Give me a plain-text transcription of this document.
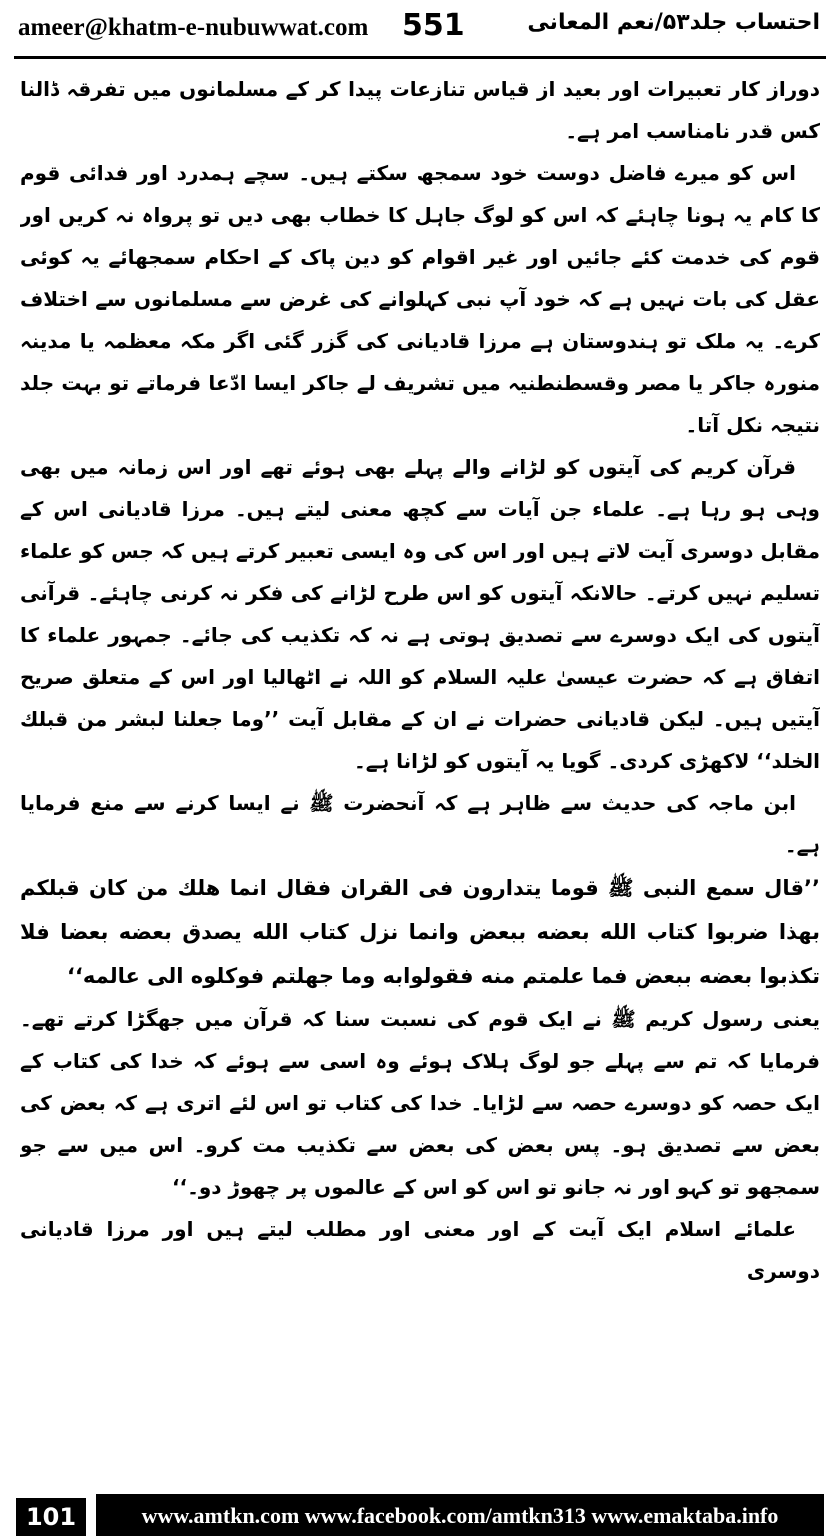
ameer@khatm-e-nubuwwat.com 551	احتساب جلد۵۳/نعم المعانی

دوراز کار تعبیرات اور بعید از قیاس تنازعات پیدا کر کے مسلمانوں میں تفرقہ ڈالنا کس قدر نامناسب امر ہے۔

اس کو میرے فاضل دوست خود سمجھ سکتے ہیں۔ سچے ہمدرد اور فدائی قوم کا کام یہ ہونا چاہئے کہ اس کو لوگ جاہل کا خطاب بھی دیں تو پرواہ نہ کریں اور قوم کی خدمت کئے جائیں اور غیر اقوام کو دین پاک کے احکام سمجھائے یہ کوئی عقل کی بات نہیں ہے کہ خود آپ نبی کہلوانے کی غرض سے مسلمانوں سے اختلاف کرے۔ یہ ملک تو ہندوستان ہے مرزا قادیانی کی گزر گئی اگر مکہ معظمہ یا مدینہ منورہ جاکر یا مصر وقسطنطنیہ میں تشریف لے جاکر ایسا ادّعا فرماتے تو بہت جلد نتیجہ نکل آتا۔

قرآن کریم کی آیتوں کو لڑانے والے پہلے بھی ہوئے تھے اور اس زمانہ میں بھی وہی ہو رہا ہے۔ علماء جن آیات سے کچھ معنی لیتے ہیں۔ مرزا قادیانی اس کے مقابل دوسری آیت لاتے ہیں اور اس کی وہ ایسی تعبیر کرتے ہیں کہ جس کو علماء تسلیم نہیں کرتے۔ حالانکہ آیتوں کو اس طرح لڑانے کی فکر نہ کرنی چاہئے۔ قرآنی آیتوں کی ایک دوسرے سے تصدیق ہوتی ہے نہ کہ تکذیب کی جائے۔ جمہور علماء کا اتفاق ہے کہ حضرت عیسیٰ علیہ السلام کو اللہ نے اٹھالیا اور اس کے متعلق صریح آیتیں ہیں۔ لیکن قادیانی حضرات نے ان کے مقابل آیت ’’وما جعلنا لبشر من قبلك الخلد‘‘ لاکھڑی کردی۔ گویا یہ آیتوں کو لڑانا ہے۔

ابن ماجہ کی حدیث سے ظاہر ہے کہ آنحضرت ﷺ نے ایسا کرنے سے منع فرمایا ہے۔

’’قال سمع النبی ﷺ قوما یتدارون فی القران فقال انما هلك من كان قبلكم بهذا ضربوا كتاب الله بعضه ببعض وانما نزل كتاب الله یصدق بعضه بعضا فلا تكذبوا بعضه ببعض فما علمتم منه فقولوابه وما جهلتم فوكلوه الی عالمه‘‘

یعنی رسول کریم ﷺ نے ایک قوم کی نسبت سنا کہ قرآن میں جھگڑا کرتے تھے۔ فرمایا کہ تم سے پہلے جو لوگ ہلاک ہوئے وہ اسی سے ہوئے کہ خدا کی کتاب کے ایک حصہ کو دوسرے حصہ سے لڑایا۔ خدا کی کتاب تو اس لئے اتری ہے کہ بعض کی بعض سے تصدیق ہو۔ پس بعض کی بعض سے تکذیب مت کرو۔ اس میں سے جو سمجھو تو کہو اور نہ جانو تو اس کو اس کے عالموں پر چھوڑ دو۔‘‘

علمائے اسلام ایک آیت کے اور معنی اور مطلب لیتے ہیں اور مرزا قادیانی دوسری

101	www.amtkn.com www.facebook.com/amtkn313 www.emaktaba.info
